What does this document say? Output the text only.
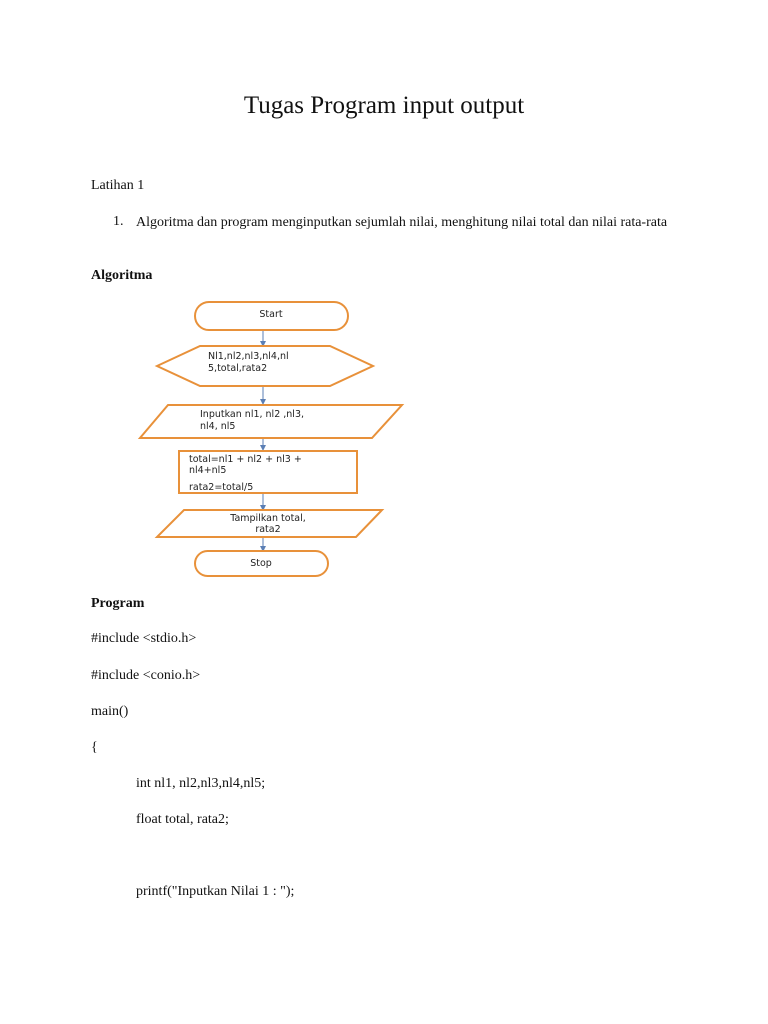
Tugas Program input output
Latihan 1
1. Algoritma dan program menginputkan sejumlah nilai, menghitung nilai total dan nilai rata-rata
Algoritma
Start
Nl1,nl2,nl3,nl4,nl
5,total,rata2
Inputkan nl1, nl2 ,nl3,
nl4, nl5
total=nl1 + nl2 + nl3 +
nl4+nl5
rata2=total/5
Tampilkan total,
rata2
Stop
Program
#include <stdio.h>
#include <conio.h>
main()
{
int nl1, nl2,nl3,nl4,nl5;
float total, rata2;
printf("Inputkan Nilai 1 : ");
